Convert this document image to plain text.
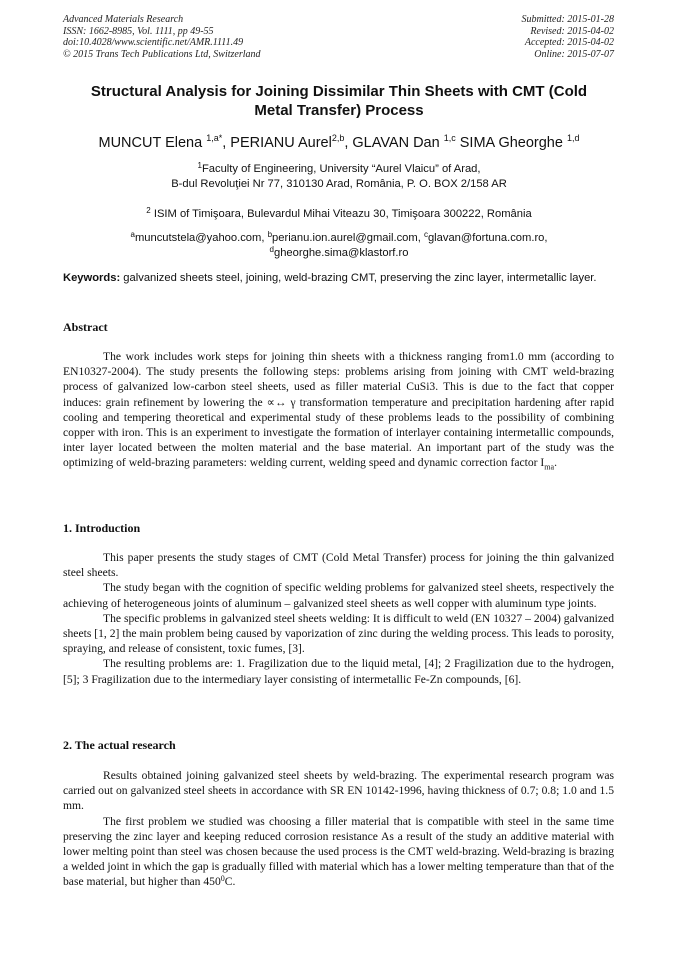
Advanced Materials Research
ISSN: 1662-8985, Vol. 1111, pp 49-55
doi:10.4028/www.scientific.net/AMR.1111.49
© 2015 Trans Tech Publications Ltd, Switzerland
Submitted: 2015-01-28
Revised: 2015-04-02
Accepted: 2015-04-02
Online: 2015-07-07
Structural Analysis for Joining Dissimilar Thin Sheets with CMT (Cold
Metal Transfer) Process
MUNCUT Elena $^{1,a*}$, PERIANU Aurel$^{2,b}$, GLAVAN Dan $^{1,c}$ SIMA Gheorghe $^{1,d}$
$^1$Faculty of Engineering, University “Aurel Vlaicu” of Arad,
B-dul Revoluţiei Nr 77, 310130 Arad, România, P. O. BOX 2/158 AR
$^2$ ISIM of Timişoara, Bulevardul Mihai Viteazu 30, Timişoara 300222, România
$^a$muncutstela@yahoo.com, $^b$perianu.ion.aurel@gmail.com, $^c$glavan@fortuna.com.ro,
$^d$gheorghe.sima@klastorf.ro
Keywords: galvanized sheets steel, joining, weld-brazing CMT, preserving the zinc layer, intermetallic layer.
Abstract

The work includes work steps for joining thin sheets with a thickness ranging from1.0 mm (according to EN10327-2004). The study presents the following steps: problems arising from joining with CMT weld-brazing process of galvanized low-carbon steel sheets, used as filler material CuSi3. This is due to the fact that copper induces: grain refinement by lowering the ∝↔ γ transformation temperature and precipitation hardening after rapid cooling and tempering theoretical and experimental study of these problems leads to the possibility of combining copper with iron. This is an experiment to investigate the formation of interlayer containing intermetallic compounds, inter layer located between the molten material and the base material. An important part of the study was the optimizing of weld-brazing parameters: welding current, welding speed and dynamic correction factor $I_{ma}$.

1. Introduction

This paper presents the study stages of CMT (Cold Metal Transfer) process for joining the thin galvanized steel sheets.

The study began with the cognition of specific welding problems for galvanized steel sheets, respectively the achieving of heterogeneous joints of aluminum – galvanized steel sheets as well copper with aluminum type joints.

The specific problems in galvanized steel sheets welding: It is difficult to weld (EN 10327 – 2004) galvanized sheets [1, 2] the main problem being caused by vaporization of zinc during the welding process. This leads to porosity, spraying, and release of consistent, toxic fumes, [3].

The resulting problems are: 1. Fragilization due to the liquid metal, [4]; 2 Fragilization due to the hydrogen, [5]; 3 Fragilization due to the intermediary layer consisting of intermetallic Fe-Zn compounds, [6].

2. The actual research

Results obtained joining galvanized steel sheets by weld-brazing. The experimental research program was carried out on galvanized steel sheets in accordance with SR EN 10142-1996, having thickness of 0.7; 0.8; 1.0 and 1.5 mm.

The first problem we studied was choosing a filler material that is compatible with steel in the same time preserving the zinc layer and keeping reduced corrosion resistance As a result of the study an additive material with lower melting point than steel was chosen because the used process is the CMT weld-brazing. Weld-brazing is brazing a welded joint in which the gap is gradually filled with material which has a lower melting temperature than that of the base material, but higher than $450^0C$.
